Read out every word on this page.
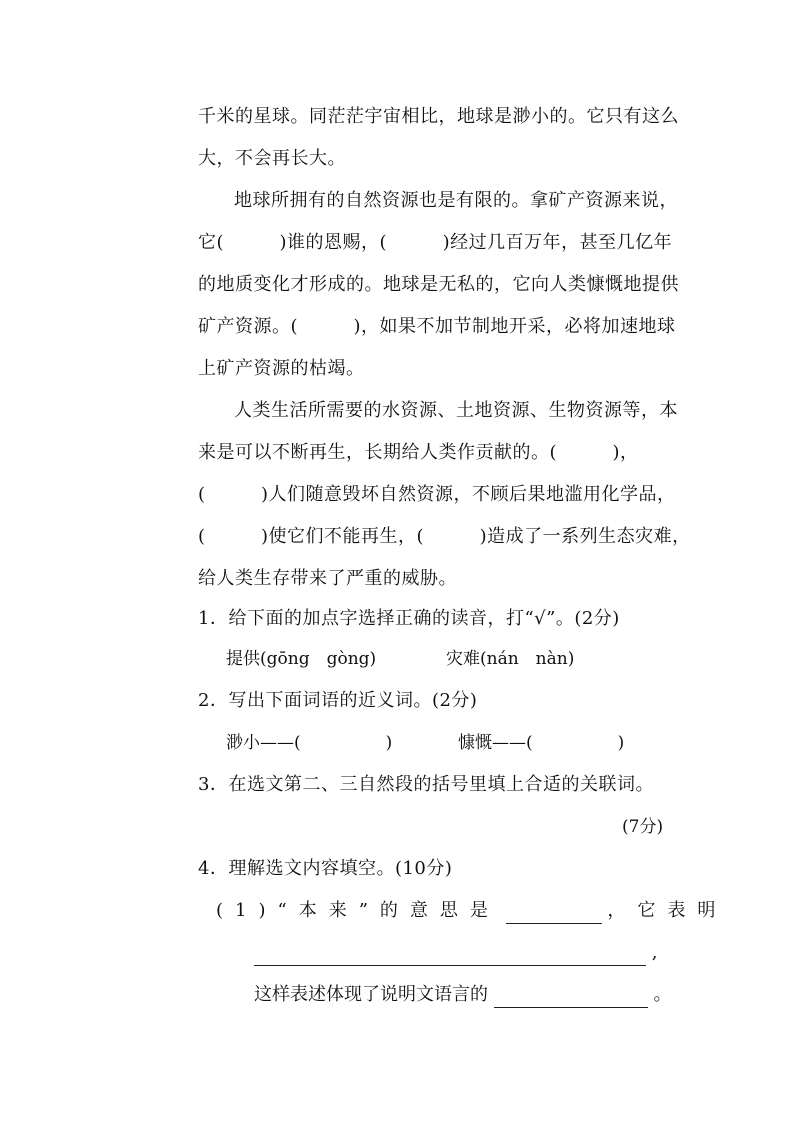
千米的星球。同茫茫宇宙相比，地球是渺小的。它只有这么
大，不会再长大。
地球所拥有的自然资源也是有限的。拿矿产资源来说，
它(　　　)谁的恩赐，(　　　)经过几百万年，甚至几亿年
的地质变化才形成的。地球是无私的，它向人类慷慨地提供
矿产资源。(　　　)，如果不加节制地开采，必将加速地球
上矿产资源的枯竭。
人类生活所需要的水资源、土地资源、生物资源等，本
来是可以不断再生，长期给人类作贡献的。(　　　)，
(　　　)人们随意毁坏自然资源，不顾后果地滥用化学品，
(　　　)使它们不能再生，(　　　)造成了一系列生态灾难，
给人类生存带来了严重的威胁。
1．给下面的加点字选择正确的读音，打“√”。(2分)
提供(gōng　gòng)	灾难(nán　nàn)
2．写出下面词语的近义词。(2分)
渺小——(　　　　　)	慷慨——(　　　　　)
3．在选文第二、三自然段的括号里填上合适的关联词。
(7分)
4．理解选文内容填空。(10分)
(1)“本来”的意思是	，它表明
,
这样表述体现了说明文语言的	。
